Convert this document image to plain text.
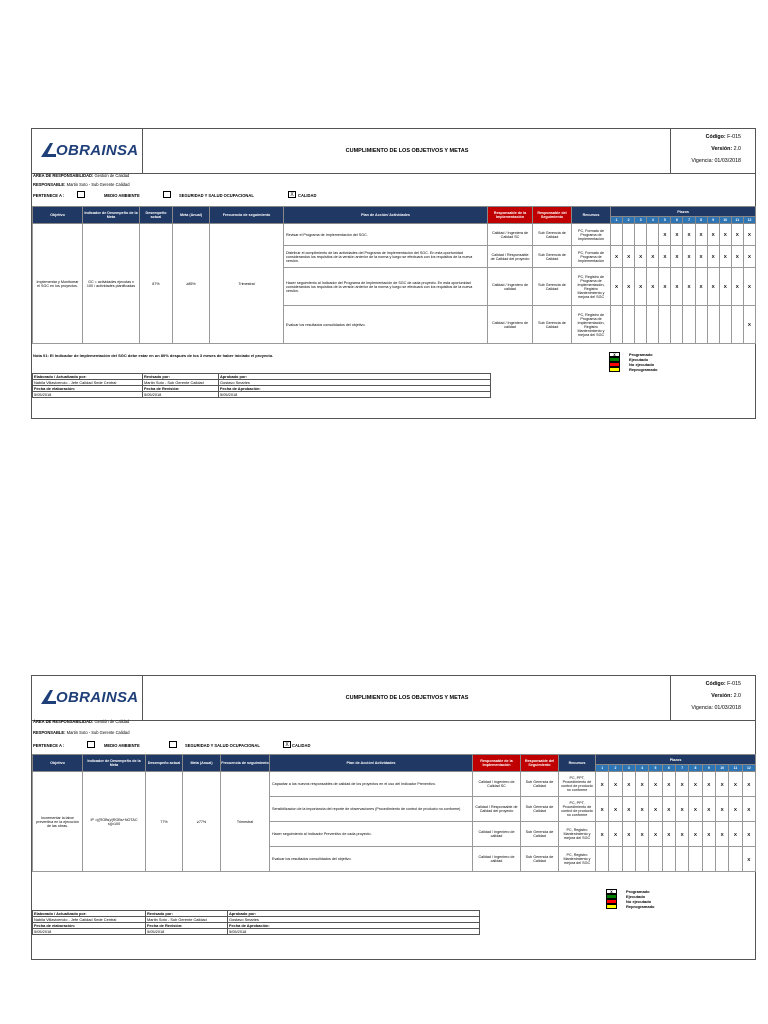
OBRAINSA	CUMPLIMIENTO DE LOS OBJETIVOS Y METAS
Código: F-015
Versión: 2.0
Vigencia: 01/03/2018
ÁREA DE RESPONSABILIDAD: Gestión de Calidad
RESPONSABLE: Martin Soto - Sub Gerente Calidad
PERTENECE A :	MEDIO AMBIENTE	SEGURIDAD Y SALUD OCUPACIONAL	X	CALIDAD
Objetivo	Indicador de Desempeño de la Meta	Desempeño actual	Meta (Anual)	Frecuencia de seguimiento	Plan de Acción/ Actividades	Responsable de la Implementación	Responsable del Seguimiento	Recursos	Plazos											
									1	2	3	4	5	6	7	8	9	10	11	12
Implementar y Monitorear el SGC en los proyectos.	GC = actividades ejecutas x 100 / actividades planificadas	87%	≥85%	Trimestral	Revisar el Programa de Implementación del SGC.	Calidad / Ingeniera de Calidad SC	Sub Gerencia de Calidad	PC, Formato de Programa de Implementación					X	X	X	X	X	X	X	X
					Distribuir el cumplimiento de las actividades del Programa de Implementación del SGC. En esta oportunidad considerandos los requisitos de la versión anterior de la norma y luego se efectuará con los requisitos de la nueva versión.	Calidad / Responsable de Calidad del proyecto	Sub Gerencia de Calidad	PC, Formato de Programa de Implementación	X	X	X	X	X	X	X	X	X	X	X	X
					Hacer seguimiento al Indicador del Programa de Implementación de SGC de cada proyecto. En esta oportunidad considerandos los requisitos de la versión anterior de la norma y luego se efectuará con los requisitos de la nueva versión.	Calidad / Ingeniero de calidad	Sub Gerencia de Calidad	PC, Registro de Programa de Implementación, Registro Mantenimiento y mejora del SGC	X	X	X	X	X	X	X	X	X	X	X	X
					Evaluar los resultados consolidados del objetivo.	Calidad / Ingeniero de calidad	Sub Gerencia de Calidad	PC, Registro de Programa de Implementación, Registro Mantenimiento y mejora del SGC												X
Nota 01: El Indicador de Implementación del SGC debe estar en un 80% después de los 3 meses de haber iniciado el proyecto.	x	Programado
Ejecutado
No ejecutado
Reprogramado
Elaborado / Actualizado por:	Revisado por:	Aprobado por:
Nabila Villavicencio - Jefe Calidad Sede Central	Martin Soto - Sub Gerente Calidad	Gostavo Smarles
Fecha de elaboración:	Fecha de Revisión:	Fecha de Aprobación:
5/05/2018	5/05/2018	5/05/2018
OBRAINSA	CUMPLIMIENTO DE LOS OBJETIVOS Y METAS
Código: F-015
Versión: 2.0
Vigencia: 01/03/2018
ÁREA DE RESPONSABILIDAD: Gestión de Calidad
RESPONSABLE: Martin Soto - Sub Gerente Calidad
PERTENECE A :	MEDIO AMBIENTE	SEGURIDAD Y SALUD OCUPACIONAL	X CALIDAD
Objetivo	Indicador de Desempeño de la Meta	Desempeño actual	Meta (Anual)	Frecuencia de seguimiento	Plan de Acción/ Actividades	Responsable de la Implementación	Responsable del Seguimiento	Recursos	Plazos											
									1	2	3	4	5	6	7	8	9	10	11	12
Incrementar la labor preventiva en la ejecución de las obras.	IP =((ROBs)/(ROBs+NOTAC s))x100	77%	≥77%	Trimestral	Capacitar a los nuevos responsables de calidad de los proyectos en el uso del Indicador Preventivo.	Calidad / Ingeniero de Calidad SC	Sub Gerencia de Calidad	PC, PPT, Procedimiento de control de producto no conforme	X	X	X	X	X	X	X	X	X	X	X	X
					Sensibilizacion de la importancia del reporte de observaciones (Procedimiento de control de producto no conforme)	Calidad / Responsable de Calidad del proyecto	Sub Gerencia de Calidad	PC, PPT, Procedimiento de control de producto no conforme	X	X	X	X	X	X	X	X	X	X	X	X
					Hacer seguimiento al Indicador Preventivo de cada proyecto.	Calidad / Ingeniero de calidad	Sub Gerencia de Calidad	PC, Registro Mantenimiento y mejora del SGC	X	X	X	X	X	X	X	X	X	X	X	X
					Evaluar los resultados consolidados del objetivo.	Calidad / Ingeniero de calidad	Sub Gerencia de Calidad	PC, Registro Mantenimiento y mejora del SGC												X
x	Programado
Ejecutado
No ejecutado
Reprogramado
Elaborado / Actualizado por:	Revisado por:	Aprobado por:
Nabila Villavicencio - Jefe Calidad Sede Central	Martin Soto - Sub Gerente Calidad	Gostavo Smarles
Fecha de elaboración:	Fecha de Revisión:	Fecha de Aprobación:
5/05/2018	5/05/2018	5/05/2018
